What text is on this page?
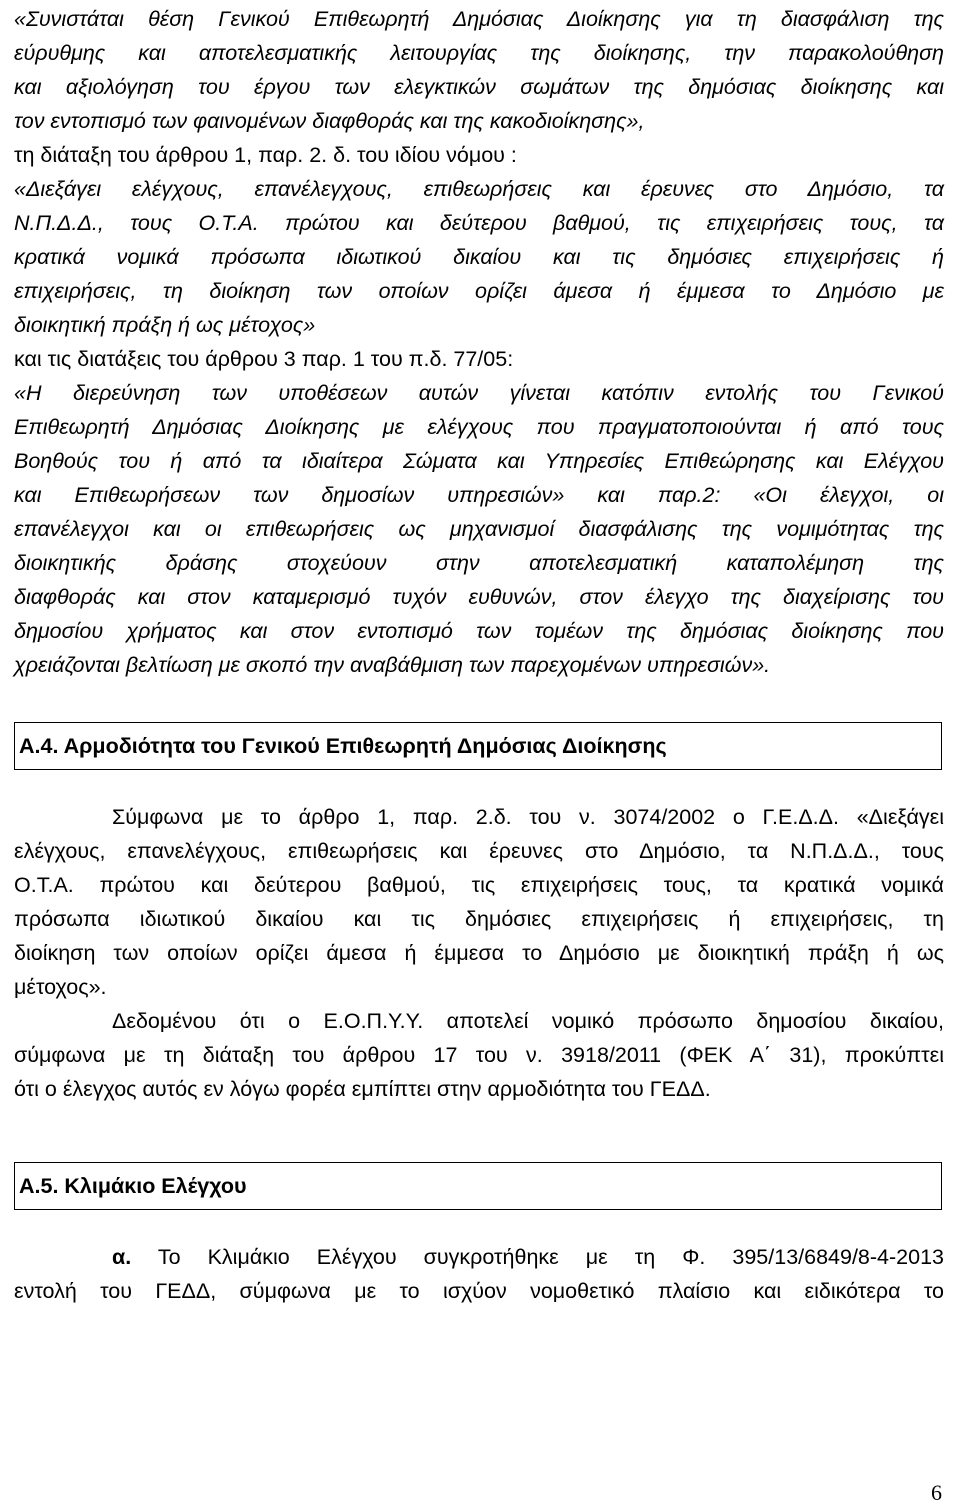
«Συνιστάται θέση Γενικού Επιθεωρητή Δημόσιας Διοίκησης για τη διασφάλιση της
εύρυθμης και αποτελεσματικής λειτουργίας της διοίκησης, την παρακολούθηση
και αξιολόγηση του έργου των ελεγκτικών σωμάτων της δημόσιας διοίκησης και
τον εντοπισμό των φαινομένων διαφθοράς και της κακοδιοίκησης»,
τη διάταξη του άρθρου 1, παρ. 2. δ. του ιδίου νόμου :
«Διεξάγει ελέγχους, επανέλεγχους, επιθεωρήσεις και έρευνες στο Δημόσιο, τα
Ν.Π.Δ.Δ., τους Ο.Τ.Α. πρώτου και δεύτερου βαθμού, τις επιχειρήσεις τους, τα
κρατικά νομικά πρόσωπα ιδιωτικού δικαίου και τις δημόσιες επιχειρήσεις ή
επιχειρήσεις, τη διοίκηση των οποίων ορίζει άμεσα ή έμμεσα το Δημόσιο με
διοικητική πράξη ή ως μέτοχος»
και τις διατάξεις του άρθρου 3 παρ. 1 του π.δ. 77/05:
«Η διερεύνηση των υποθέσεων αυτών γίνεται κατόπιν εντολής του Γενικού
Επιθεωρητή Δημόσιας Διοίκησης με ελέγχους που πραγματοποιούνται ή από τους
Βοηθούς του ή από τα ιδιαίτερα Σώματα και Υπηρεσίες Επιθεώρησης και Ελέγχου
και Επιθεωρήσεων των δημοσίων υπηρεσιών» και παρ.2: «Οι έλεγχοι, οι
επανέλεγχοι και οι επιθεωρήσεις ως μηχανισμοί διασφάλισης της νομιμότητας της
διοικητικής δράσης στοχεύουν στην αποτελεσματική καταπολέμηση της
διαφθοράς και στον καταμερισμό τυχόν ευθυνών, στον έλεγχο της διαχείρισης του
δημοσίου χρήματος και στον εντοπισμό των τομέων της δημόσιας διοίκησης που
χρειάζονται βελτίωση με σκοπό την αναβάθμιση των παρεχομένων υπηρεσιών».
Α.4. Αρμοδιότητα του Γενικού Επιθεωρητή Δημόσιας Διοίκησης
Σύμφωνα με το άρθρο 1, παρ. 2.δ. του ν. 3074/2002 ο Γ.Ε.Δ.Δ. «Διεξάγει
ελέγχους, επανελέγχους, επιθεωρήσεις και έρευνες στο Δημόσιο, τα Ν.Π.Δ.Δ., τους
Ο.Τ.Α. πρώτου και δεύτερου βαθμού, τις επιχειρήσεις τους, τα κρατικά νομικά
πρόσωπα ιδιωτικού δικαίου και τις δημόσιες επιχειρήσεις ή επιχειρήσεις, τη
διοίκηση των οποίων ορίζει άμεσα ή έμμεσα το Δημόσιο με διοικητική πράξη ή ως
μέτοχος».
Δεδομένου ότι ο Ε.Ο.Π.Υ.Υ. αποτελεί νομικό πρόσωπο δημοσίου δικαίου,
σύμφωνα με τη διάταξη του άρθρου 17 του ν. 3918/2011 (ΦΕΚ Α΄ 31), προκύπτει
ότι ο έλεγχος αυτός εν λόγω φορέα εμπίπτει στην αρμοδιότητα του ΓΕΔΔ.
Α.5. Κλιμάκιο Ελέγχου
α. Το Κλιμάκιο Ελέγχου συγκροτήθηκε με τη Φ. 395/13/6849/8-4-2013
εντολή του ΓΕΔΔ, σύμφωνα με το ισχύον νομοθετικό πλαίσιο και ειδικότερα το
6
